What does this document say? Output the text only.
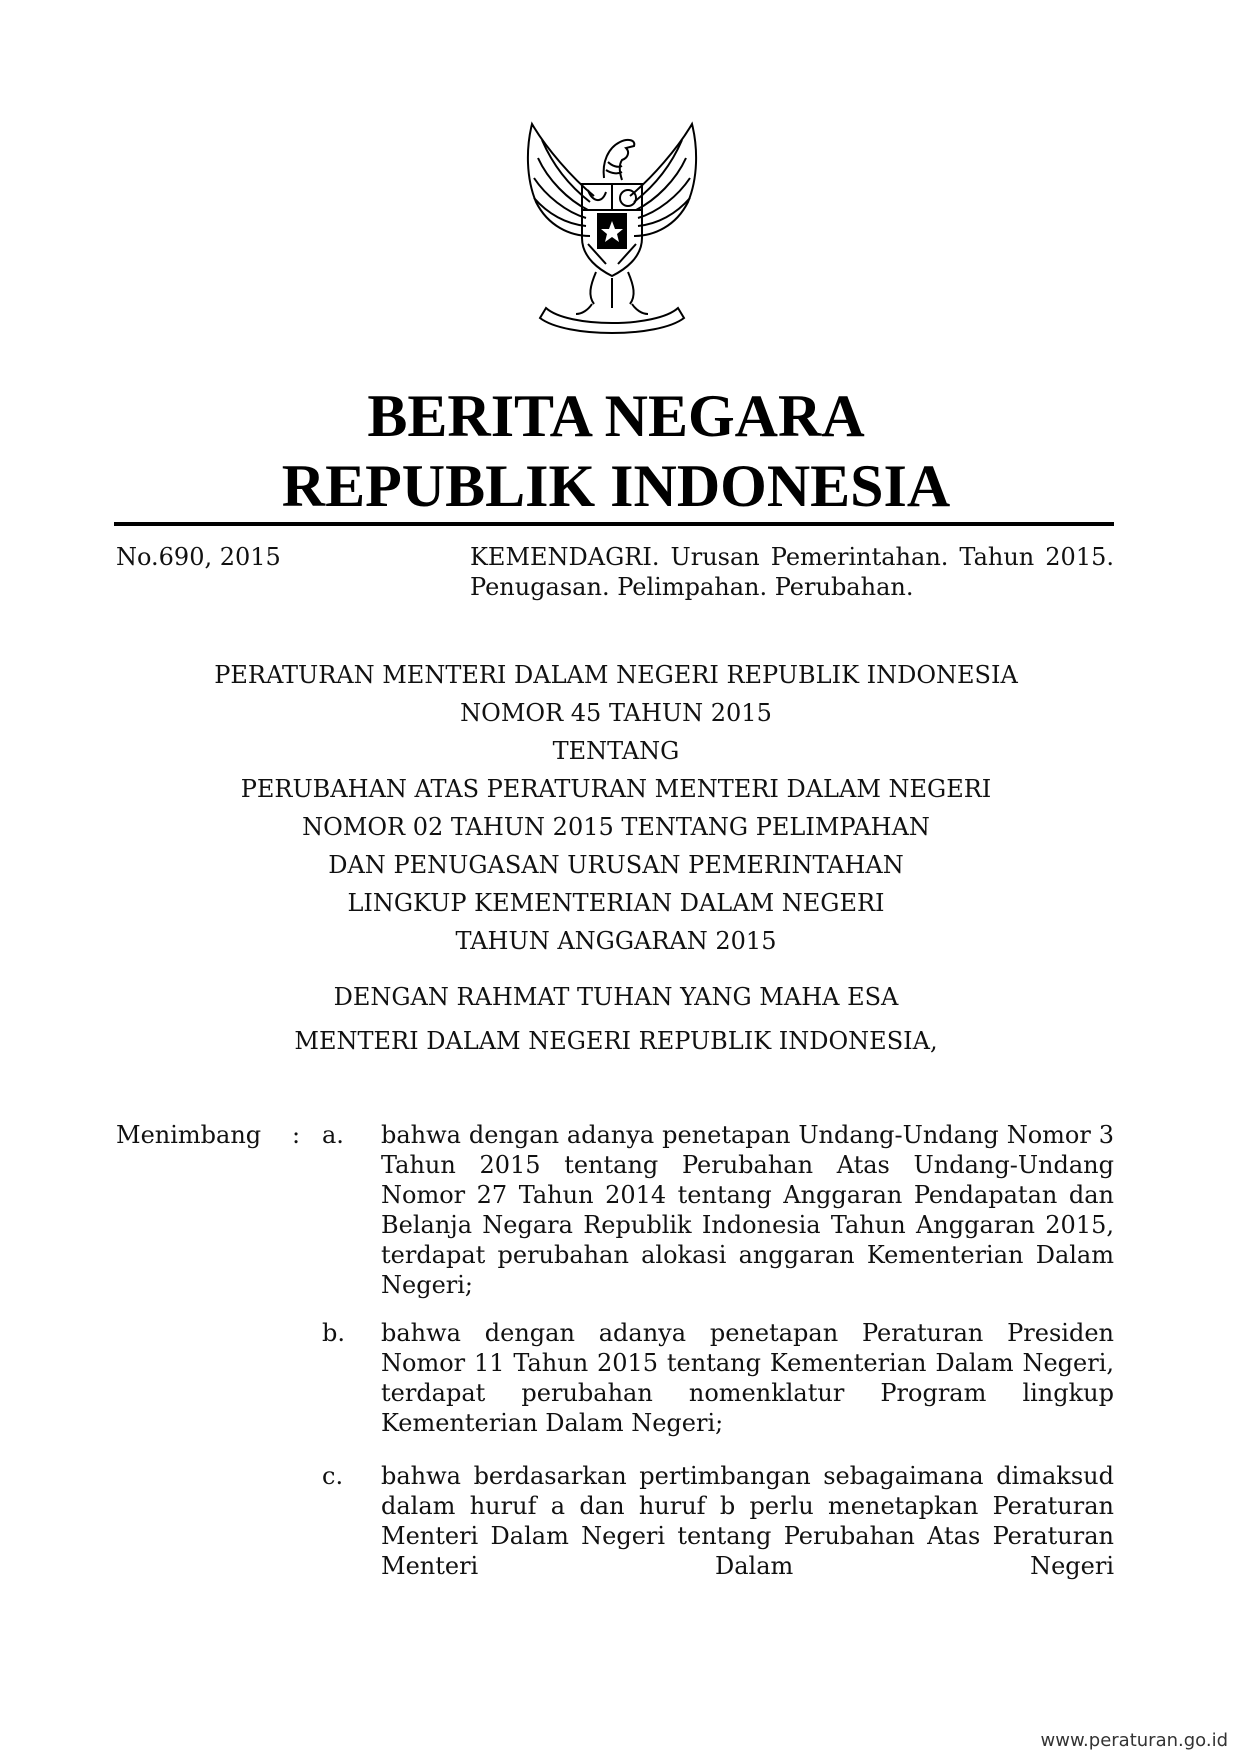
BERITA NEGARA
REPUBLIK INDONESIA
No.690, 2015	KEMENDAGRI. Urusan Pemerintahan. Tahun 2015. Penugasan. Pelimpahan. Perubahan.
PERATURAN MENTERI DALAM NEGERI REPUBLIK INDONESIA
NOMOR 45 TAHUN 2015
TENTANG
PERUBAHAN ATAS PERATURAN MENTERI DALAM NEGERI
NOMOR 02 TAHUN 2015 TENTANG PELIMPAHAN
DAN PENUGASAN URUSAN PEMERINTAHAN
LINGKUP KEMENTERIAN DALAM NEGERI
TAHUN ANGGARAN 2015
DENGAN RAHMAT TUHAN YANG MAHA ESA
MENTERI DALAM NEGERI REPUBLIK INDONESIA,
Menimbang : a. bahwa dengan adanya penetapan Undang-Undang Nomor 3 Tahun 2015 tentang Perubahan Atas Undang-Undang Nomor 27 Tahun 2014 tentang Anggaran Pendapatan dan Belanja Negara Republik Indonesia Tahun Anggaran 2015, terdapat perubahan alokasi anggaran Kementerian Dalam Negeri;

b. bahwa dengan adanya penetapan Peraturan Presiden Nomor 11 Tahun 2015 tentang Kementerian Dalam Negeri, terdapat perubahan nomenklatur Program lingkup Kementerian Dalam Negeri;

c. bahwa berdasarkan pertimbangan sebagaimana dimaksud dalam huruf a dan huruf b perlu menetapkan Peraturan Menteri Dalam Negeri tentang Perubahan Atas Peraturan Menteri Dalam Negeri

www.peraturan.go.id
